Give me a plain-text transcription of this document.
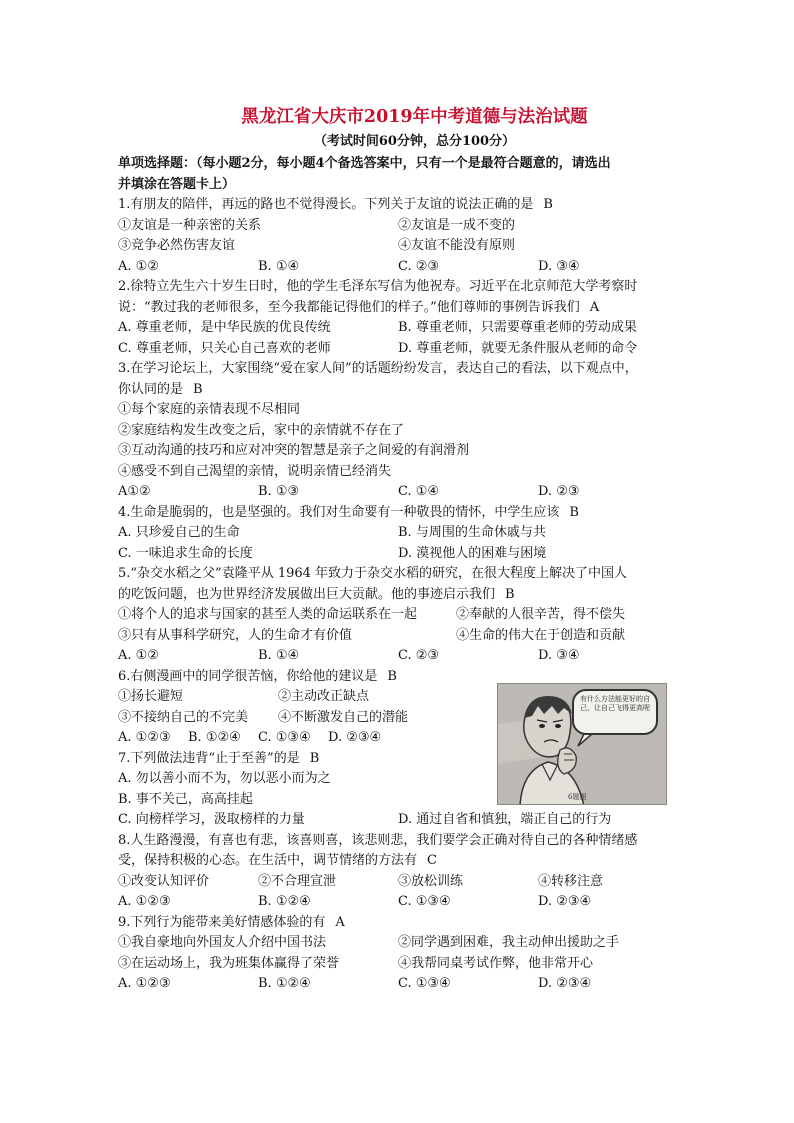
黑龙江省大庆市2019年中考道德与法治试题
（考试时间60分钟，总分100分）
单项选择题：（每小题2分，每小题4个备选答案中，只有一个是最符合题意的，请选出
并填涂在答题卡上）
1.有朋友的陪伴，再远的路也不觉得漫长。下列关于友谊的说法正确的是 B
①友谊是一种亲密的关系	②友谊是一成不变的
③竞争必然伤害友谊	④友谊不能没有原则
A. ①②	B. ①④	C. ②③	D. ③④
2.徐特立先生六十岁生日时，他的学生毛泽东写信为他祝寿。习近平在北京师范大学考察时
说：“教过我的老师很多，至今我都能记得他们的样子。”他们尊师的事例告诉我们 A
A. 尊重老师，是中华民族的优良传统	B. 尊重老师，只需要尊重老师的劳动成果
C. 尊重老师，只关心自己喜欢的老师	D. 尊重老师，就要无条件服从老师的命令
3.在学习论坛上，大家围绕“爱在家人间”的话题纷纷发言，表达自己的看法，以下观点中，
你认同的是 B
①每个家庭的亲情表现不尽相同
②家庭结构发生改变之后，家中的亲情就不存在了
③互动沟通的技巧和应对冲突的智慧是亲子之间爱的有润滑剂
④感受不到自己渴望的亲情，说明亲情已经消失
A①②	B. ①③	C. ①④	D. ②③
4.生命是脆弱的，也是坚强的。我们对生命要有一种敬畏的情怀，中学生应该 B
A. 只珍爱自己的生命	B. 与周围的生命休戚与共
C. 一味追求生命的长度	D. 漠视他人的困难与困境
5.“杂交水稻之父”袁隆平从 1964 年致力于杂交水稻的研究，在很大程度上解决了中国人
的吃饭问题，也为世界经济发展做出巨大贡献。他的事迹启示我们 B
①将个人的追求与国家的甚至人类的命运联系在一起	②奉献的人很辛苦，得不偿失
③只有从事科学研究，人的生命才有价值	④生命的伟大在于创造和贡献
A. ①②	B. ①④	C. ②③	D. ③④
6.右侧漫画中的同学很苦恼，你给他的建议是 B
①扬长避短	②主动改正缺点
③不接纳自己的不完美	④不断激发自己的潜能
A. ①②③	B. ①②④	C. ①③④	D. ②③④
7.下列做法违背“止于至善”的是 B
A. 勿以善小而不为，勿以恶小而为之
B. 事不关己，高高挂起
C. 向榜样学习，汲取榜样的力量	D. 通过自省和慎独，端正自己的行为
8.人生路漫漫，有喜也有悲，该喜则喜，该悲则悲，我们要学会正确对待自己的各种情绪感
受，保持积极的心态。在生活中，调节情绪的方法有 C
①改变认知评价	②不合理宣泄	③放松训练	④转移注意
A. ①②③	B. ①②④	C. ①③④	D. ②③④
9.下列行为能带来美好情感体验的有 A
①我自豪地向外国友人介绍中国书法	②同学遇到困难，我主动伸出援助之手
③在运动场上，我为班集体赢得了荣誉	④我帮同桌考试作弊，他非常开心
A. ①②③	B. ①②④	C. ①③④	D. ②③④
有什么方法能更好的自己，让自己飞得更高呢
6题图
